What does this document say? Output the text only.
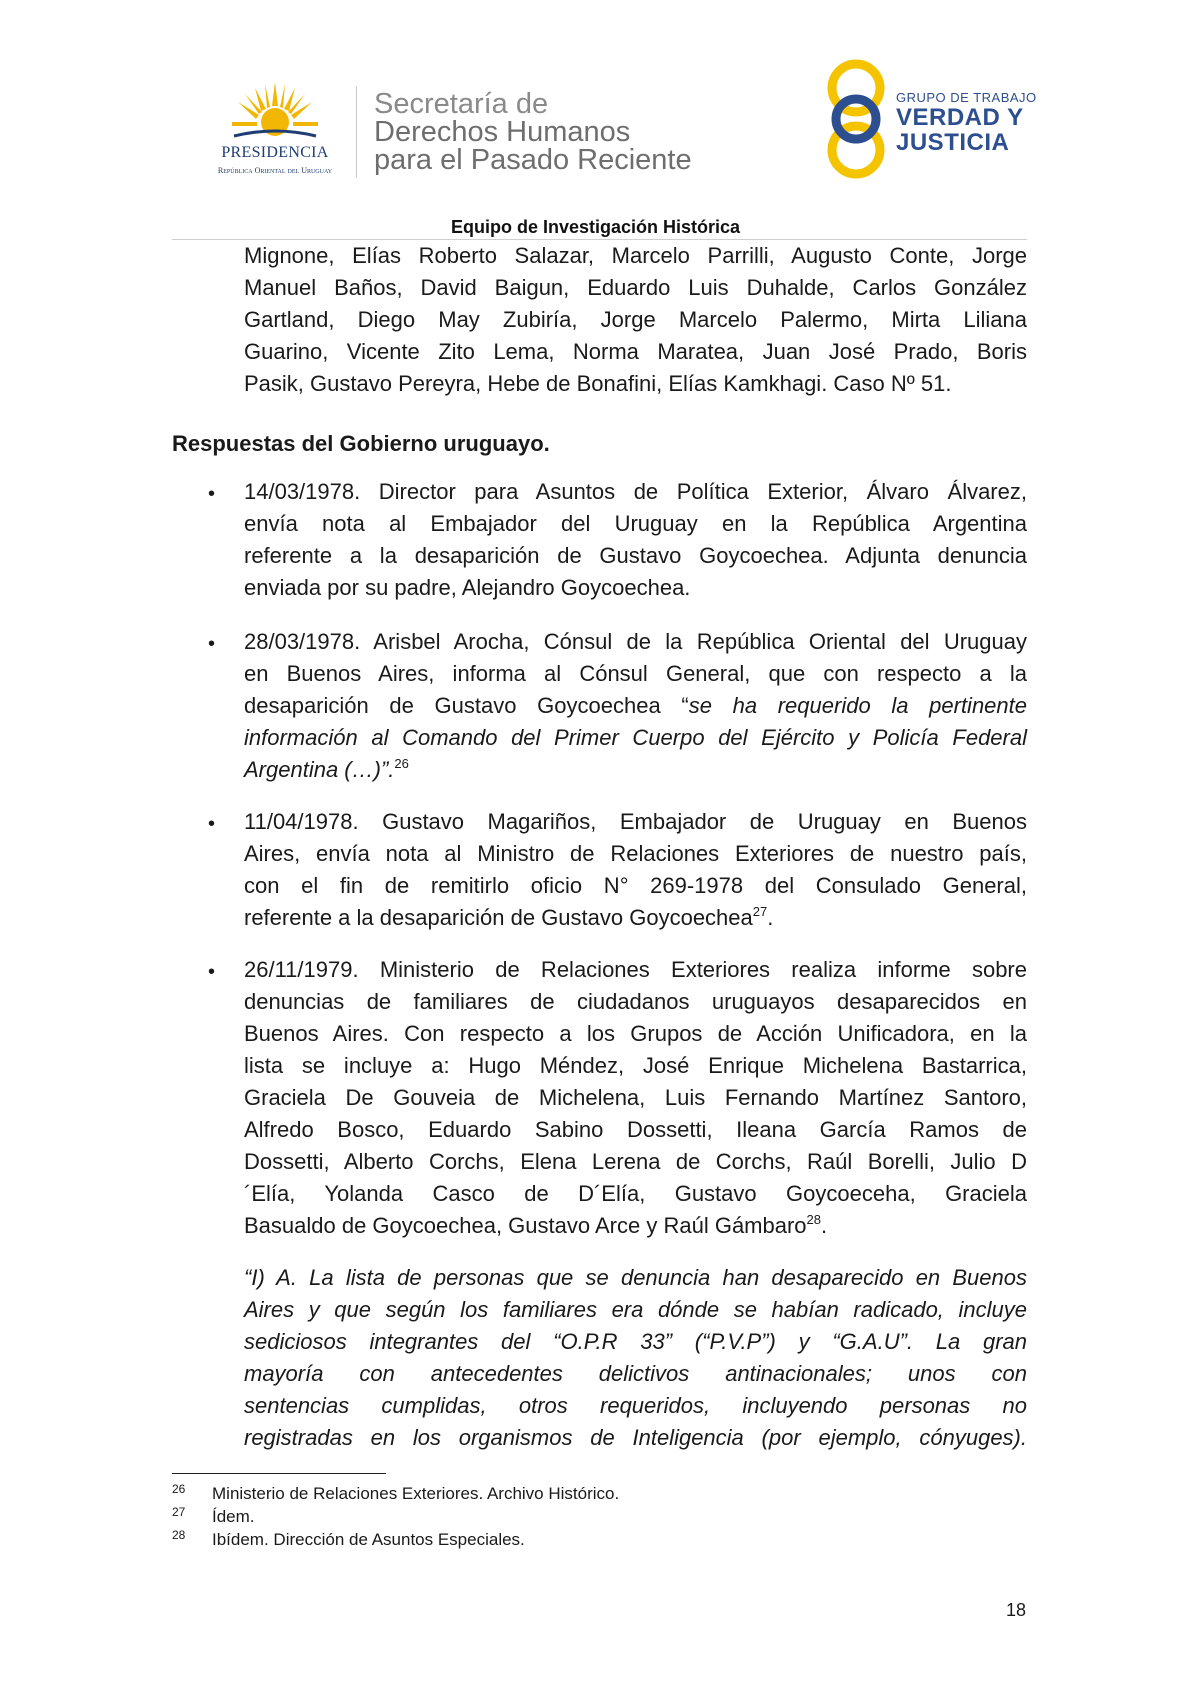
PRESIDENCIA
República Oriental del Uruguay
Secretaría de
Derechos Humanos
para el Pasado Reciente
GRUPO DE TRABAJO
VERDAD Y
JUSTICIA
Equipo de Investigación Histórica
Mignone, Elías Roberto Salazar, Marcelo Parrilli, Augusto Conte, Jorge
Manuel Baños, David Baigun, Eduardo Luis Duhalde, Carlos González
Gartland, Diego May Zubiría, Jorge Marcelo Palermo, Mirta Liliana
Guarino, Vicente Zito Lema, Norma Maratea, Juan José Prado, Boris
Pasik, Gustavo Pereyra, Hebe de Bonafini, Elías Kamkhagi. Caso Nº 51.
Respuestas del Gobierno uruguayo.
• 14/03/1978. Director para Asuntos de Política Exterior, Álvaro Álvarez,
envía nota al Embajador del Uruguay en la República Argentina
referente a la desaparición de Gustavo Goycoechea. Adjunta denuncia
enviada por su padre, Alejandro Goycoechea.
• 28/03/1978. Arisbel Arocha, Cónsul de la República Oriental del Uruguay
en Buenos Aires, informa al Cónsul General, que con respecto a la
desaparición de Gustavo Goycoechea “se ha requerido la pertinente
información al Comando del Primer Cuerpo del Ejército y Policía Federal
Argentina (…)”.$^{26}$
• 11/04/1978. Gustavo Magariños, Embajador de Uruguay en Buenos
Aires, envía nota al Ministro de Relaciones Exteriores de nuestro país,
con el fin de remitirlo oficio N° 269-1978 del Consulado General,
referente a la desaparición de Gustavo Goycoechea$^{27}$.
• 26/11/1979. Ministerio de Relaciones Exteriores realiza informe sobre
denuncias de familiares de ciudadanos uruguayos desaparecidos en
Buenos Aires. Con respecto a los Grupos de Acción Unificadora, en la
lista se incluye a: Hugo Méndez, José Enrique Michelena Bastarrica,
Graciela De Gouveia de Michelena, Luis Fernando Martínez Santoro,
Alfredo Bosco, Eduardo Sabino Dossetti, Ileana García Ramos de
Dossetti, Alberto Corchs, Elena Lerena de Corchs, Raúl Borelli, Julio D
´Elía, Yolanda Casco de D´Elía, Gustavo Goycoeceha, Graciela
Basualdo de Goycoechea, Gustavo Arce y Raúl Gámbaro$^{28}$.
“I) A. La lista de personas que se denuncia han desaparecido en Buenos
Aires y que según los familiares era dónde se habían radicado, incluye
sediciosos integrantes del “O.P.R 33” (“P.V.P”) y “G.A.U”. La gran
mayoría con antecedentes delictivos antinacionales; unos con
sentencias cumplidas, otros requeridos, incluyendo personas no
registradas en los organismos de Inteligencia (por ejemplo, cónyuges).
26 Ministerio de Relaciones Exteriores. Archivo Histórico.
27 Ídem.
28 Ibídem. Dirección de Asuntos Especiales.
18
